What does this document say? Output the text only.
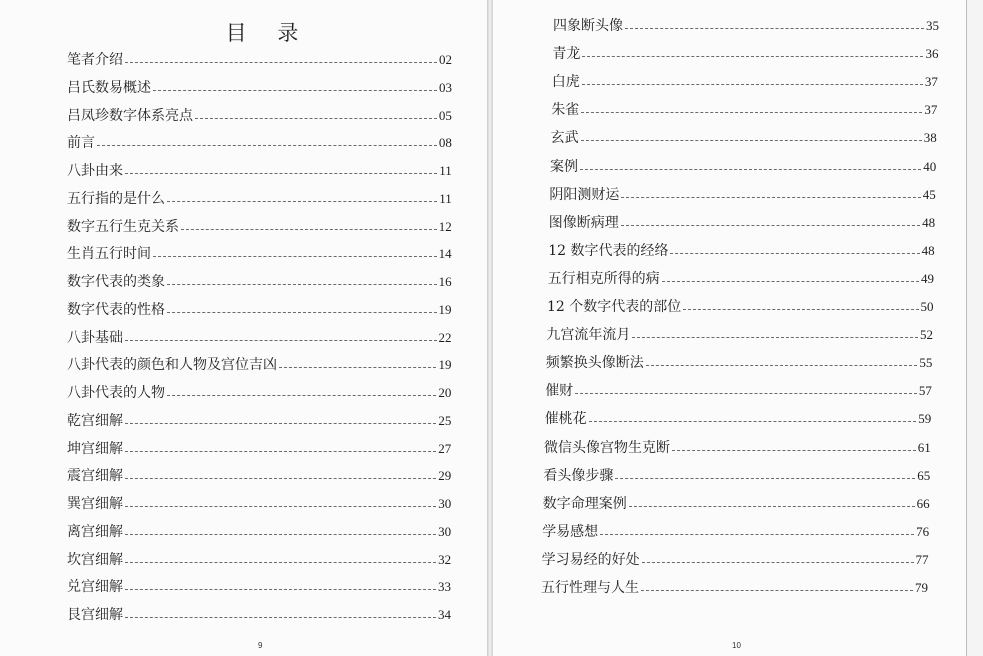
目 录
笔者介绍	02
吕氏数易概述	03
吕凤珍数字体系亮点	05
前言	08
八卦由来	11
五行指的是什么	11
数字五行生克关系	12
生肖五行时间	14
数字代表的类象	16
数字代表的性格	19
八卦基础	22
八卦代表的颜色和人物及宫位吉凶	19
八卦代表的人物	20
乾宫细解	25
坤宫细解	27
震宫细解	29
巽宫细解	30
离宫细解	30
坎宫细解	32
兑宫细解	33
艮宫细解	34
9
四象断头像	35
青龙	36
白虎	37
朱雀	37
玄武	38
案例	40
阴阳测财运	45
图像断病理	48
12 数字代表的经络	48
五行相克所得的病	49
12 个数字代表的部位	50
九宫流年流月	52
频繁换头像断法	55
催财	57
催桃花	59
微信头像宫物生克断	61
看头像步骤	65
数字命理案例	66
学易感想	76
学习易经的好处	77
五行性理与人生	79
10
